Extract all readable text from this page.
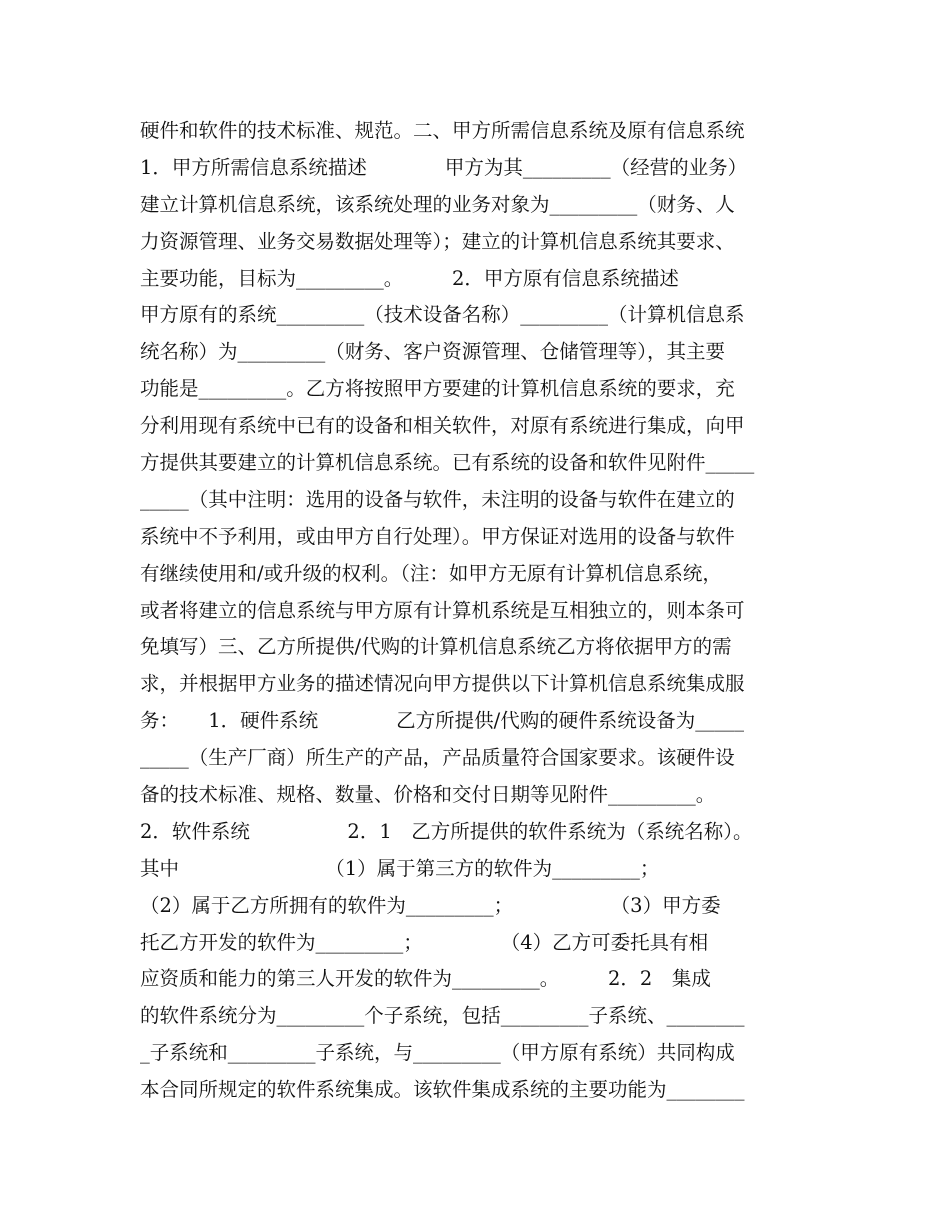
硬件和软件的技术标准、规范。二、甲方所需信息系统及原有信息系统
1．甲方所需信息系统描述　　　　甲方为其_________（经营的业务）
建立计算机信息系统，该系统处理的业务对象为_________（财务、人
力资源管理、业务交易数据处理等）；建立的计算机信息系统其要求、
主要功能，目标为_________。　　　2．甲方原有信息系统描述
甲方原有的系统_________（技术设备名称）_________（计算机信息系
统名称）为_________（财务、客户资源管理、仓储管理等），其主要
功能是_________。乙方将按照甲方要建的计算机信息系统的要求，充
分利用现有系统中已有的设备和相关软件，对原有系统进行集成，向甲
方提供其要建立的计算机信息系统。已有系统的设备和软件见附件_____
_____（其中注明：选用的设备与软件，未注明的设备与软件在建立的
系统中不予利用，或由甲方自行处理）。甲方保证对选用的设备与软件
有继续使用和/或升级的权利。（注：如甲方无原有计算机信息系统，
或者将建立的信息系统与甲方原有计算机系统是互相独立的，则本条可
免填写）三、乙方所提供/代购的计算机信息系统乙方将依据甲方的需
求，并根据甲方业务的描述情况向甲方提供以下计算机信息系统集成服
务：　　1．硬件系统　　　　乙方所提供/代购的硬件系统设备为_____
_____（生产厂商）所生产的产品，产品质量符合国家要求。该硬件设
备的技术标准、规格、数量、价格和交付日期等见附件_________。
2．软件系统　　　　　2．1　乙方所提供的软件系统为（系统名称）。
其中　　　　　　　　（1）属于第三方的软件为_________；
（2）属于乙方所拥有的软件为_________；　　　　　　（3）甲方委
托乙方开发的软件为_________；　　　　　（4）乙方可委托具有相
应资质和能力的第三人开发的软件为_________。　　　2．2　集成
的软件系统分为_________个子系统，包括_________子系统、________
_子系统和_________子系统，与_________（甲方原有系统）共同构成
本合同所规定的软件系统集成。该软件集成系统的主要功能为________
